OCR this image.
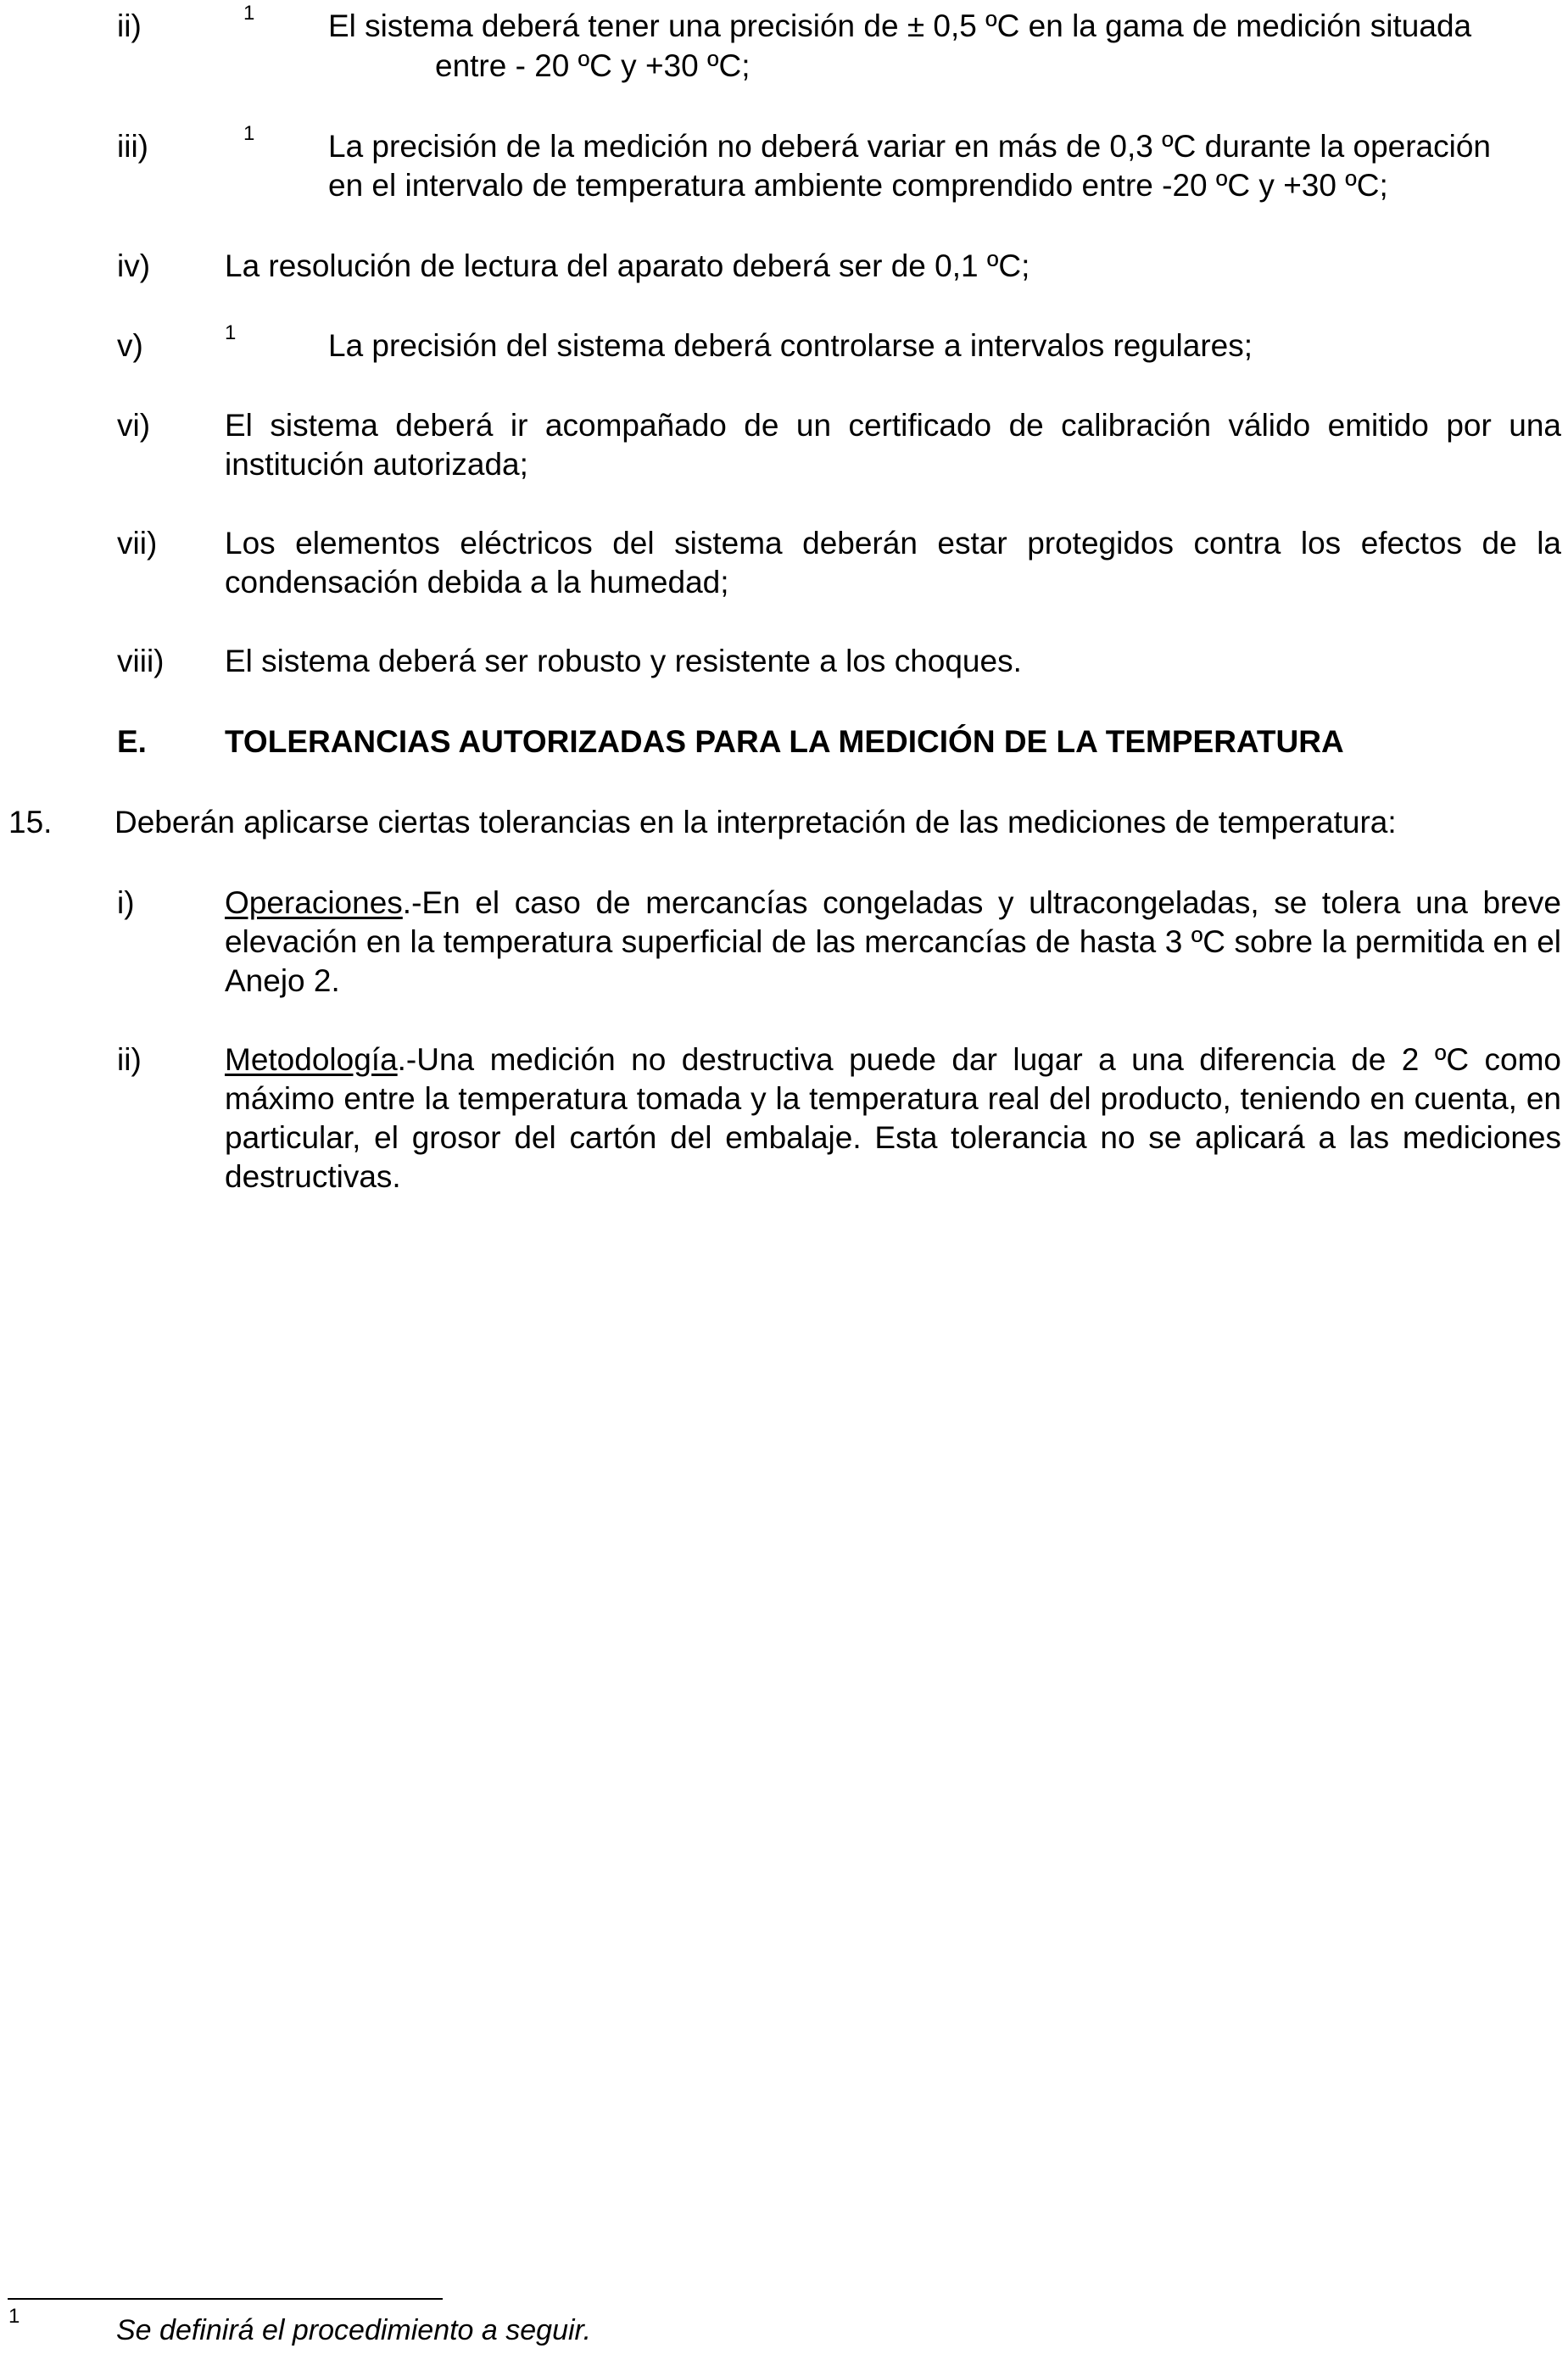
ii)	1 El sistema deberá tener una precisión de ± 0,5 ºC en la gama de medición situada
entre - 20 ºC y +30 ºC;
iii)	1 La precisión de la medición no deberá variar en más de 0,3 ºC durante la operación
en el intervalo de temperatura ambiente comprendido entre -20 ºC y +30 ºC;
iv) La resolución de lectura del aparato deberá ser de 0,1 ºC;
v)	1	La precisión del sistema deberá controlarse a intervalos regulares;
vi) El sistema deberá ir acompañado de un certificado de calibración válido emitido por una institución autorizada;
vii) Los elementos eléctricos del sistema deberán estar protegidos contra los efectos de la condensación debida a la humedad;
viii) El sistema deberá ser robusto y resistente a los choques.
E. TOLERANCIAS AUTORIZADAS PARA LA MEDICIÓN DE LA TEMPERATURA
15. Deberán aplicarse ciertas tolerancias en la interpretación de las mediciones de temperatura:
i)	Operaciones.-En el caso de mercancías congeladas y ultracongeladas, se tolera una breve elevación en la temperatura superficial de las mercancías de hasta 3 ºC sobre la permitida en el Anejo 2.
ii)	Metodología.-Una medición no destructiva puede dar lugar a una diferencia de 2 ºC como máximo entre la temperatura tomada y la temperatura real del producto, teniendo en cuenta, en particular, el grosor del cartón del embalaje. Esta tolerancia no se aplicará a las mediciones destructivas.
1	Se definirá el procedimiento a seguir.
